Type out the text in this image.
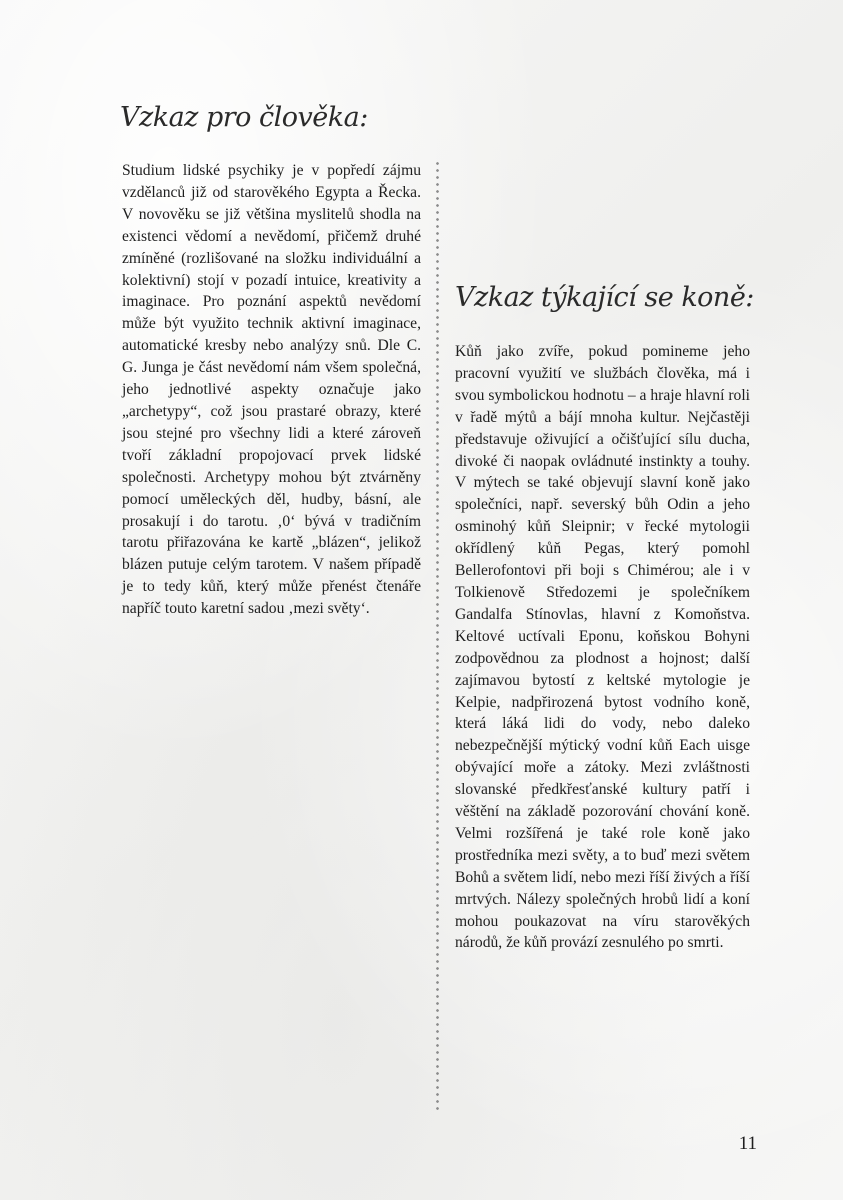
Vzkaz pro člověka:

Studium lidské psychiky je v popředí zájmu vzdělanců již od starověkého Egypta a Řecka. V novověku se již většina myslitelů shodla na existenci vědomí a nevědomí, přičemž druhé zmíněné (rozlišované na složku individuální a kolektivní) stojí v pozadí intuice, kreativity a imaginace. Pro poznání aspektů nevědomí může být využito technik aktivní imaginace, automatické kresby nebo analýzy snů. Dle C. G. Junga je část nevědomí nám všem společná, jeho jednotlivé aspekty označuje jako „archetypy“, což jsou prastaré obrazy, které jsou stejné pro všechny lidi a které zároveň tvoří základní propojovací prvek lidské společnosti. Archetypy mohou být ztvárněny pomocí uměleckých děl, hudby, básní, ale prosakují i do tarotu. ‚0‘ bývá v tradičním tarotu přiřazována ke kartě „blázen“, jelikož blázen putuje celým tarotem. V našem případě je to tedy kůň, který může přenést čtenáře napříč touto karetní sadou ‚mezi světy‘.

Vzkaz týkající se koně:

Kůň jako zvíře, pokud pomineme jeho pracovní využití ve službách člověka, má i svou symbolickou hodnotu – a hraje hlavní roli v řadě mýtů a bájí mnoha kultur. Nejčastěji představuje oživující a očišťující sílu ducha, divoké či naopak ovládnuté instinkty a touhy. V mýtech se také objevují slavní koně jako společníci, např. severský bůh Odin a jeho osminohý kůň Sleipnir; v řecké mytologii okřídlený kůň Pegas, který pomohl Bellerofontovi při boji s Chimérou; ale i v Tolkienově Středozemi je společníkem Gandalfa Stínovlas, hlavní z Komoňstva. Keltové uctívali Eponu, koňskou Bohyni zodpovědnou za plodnost a hojnost; další zajímavou bytostí z keltské mytologie je Kelpie, nadpřirozená bytost vodního koně, která láká lidi do vody, nebo daleko nebezpečnější mýtický vodní kůň Each uisge obývající moře a zátoky. Mezi zvláštnosti slovanské předkřesťanské kultury patří i věštění na základě pozorování chování koně. Velmi rozšířená je také role koně jako prostředníka mezi světy, a to buď mezi světem Bohů a světem lidí, nebo mezi říší živých a říší mrtvých. Nálezy společných hrobů lidí a koní mohou poukazovat na víru starověkých národů, že kůň provází zesnulého po smrti.

11
